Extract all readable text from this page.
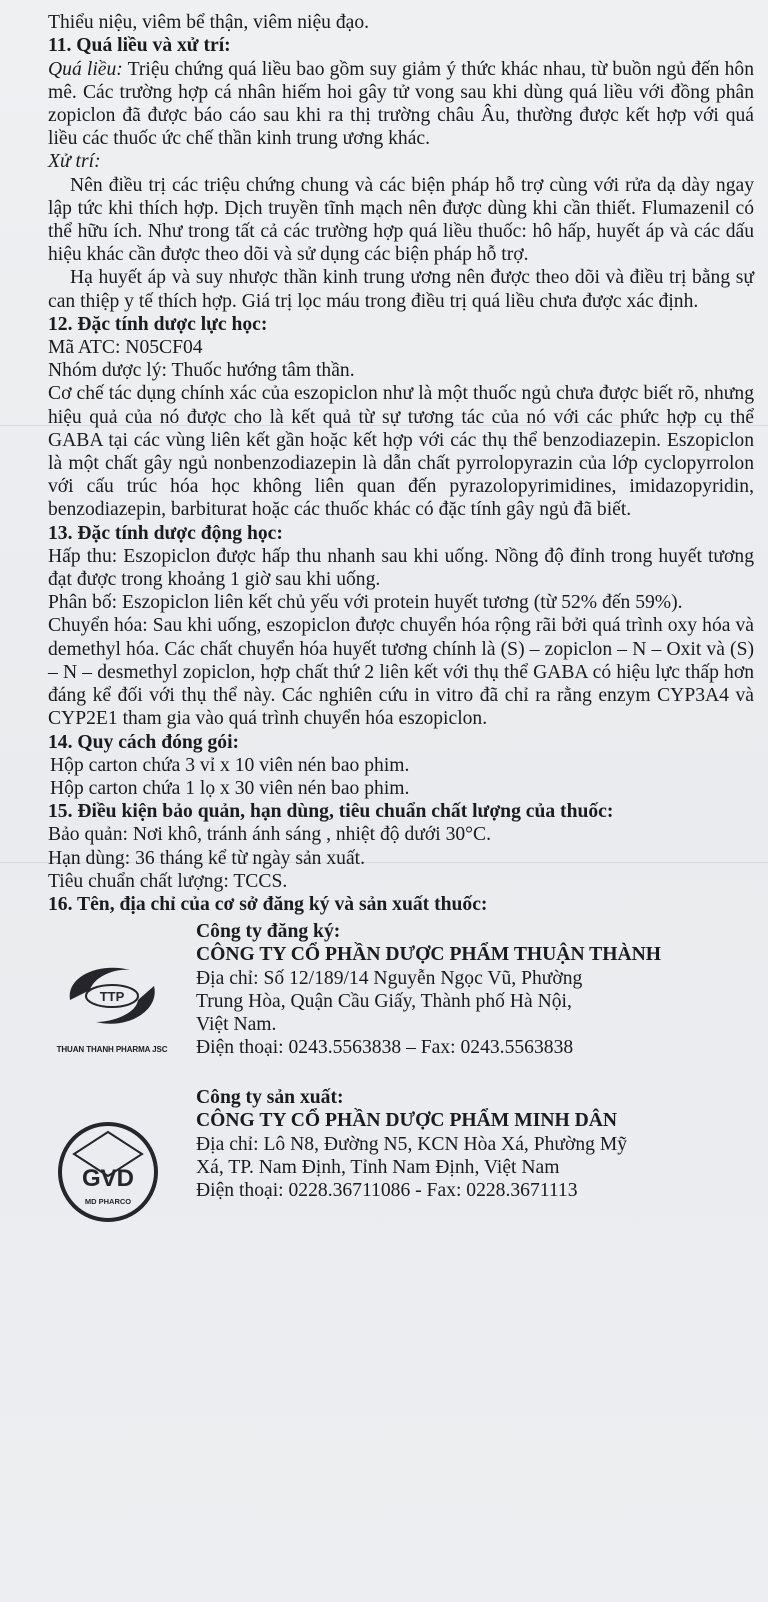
Thiểu niệu, viêm bể thận, viêm niệu đạo.

11. Quá liều và xử trí:

Quá liều: Triệu chứng quá liều bao gồm suy giảm ý thức khác nhau, từ buồn ngủ đến hôn mê. Các trường hợp cá nhân hiếm hoi gây tử vong sau khi dùng quá liều với đồng phân zopiclon đã được báo cáo sau khi ra thị trường châu Âu, thường được kết hợp với quá liều các thuốc ức chế thần kinh trung ương khác.

Xử trí:

Nên điều trị các triệu chứng chung và các biện pháp hỗ trợ cùng với rửa dạ dày ngay lập tức khi thích hợp. Dịch truyền tĩnh mạch nên được dùng khi cần thiết. Flumazenil có thể hữu ích. Như trong tất cả các trường hợp quá liều thuốc: hô hấp, huyết áp và các dấu hiệu khác cần được theo dõi và sử dụng các biện pháp hỗ trợ.

Hạ huyết áp và suy nhược thần kinh trung ương nên được theo dõi và điều trị bằng sự can thiệp y tế thích hợp. Giá trị lọc máu trong điều trị quá liều chưa được xác định.

12. Đặc tính dược lực học:

Mã ATC: N05CF04

Nhóm dược lý: Thuốc hướng tâm thần.

Cơ chế tác dụng chính xác của eszopiclon như là một thuốc ngủ chưa được biết rõ, nhưng hiệu quả của nó được cho là kết quả từ sự tương tác của nó với các phức hợp cụ thể GABA tại các vùng liên kết gần hoặc kết hợp với các thụ thể benzodiazepin. Eszopiclon là một chất gây ngủ nonbenzodiazepin là dẫn chất pyrrolopyrazin của lớp cyclopyrrolon với cấu trúc hóa học không liên quan đến pyrazolopyrimidines, imidazopyridin, benzodiazepin, barbiturat hoặc các thuốc khác có đặc tính gây ngủ đã biết.

13. Đặc tính dược động học:

Hấp thu: Eszopiclon được hấp thu nhanh sau khi uống. Nồng độ đỉnh trong huyết tương đạt được trong khoảng 1 giờ sau khi uống.

Phân bố: Eszopiclon liên kết chủ yếu với protein huyết tương (từ 52% đến 59%).

Chuyển hóa: Sau khi uống, eszopiclon được chuyển hóa rộng rãi bởi quá trình oxy hóa và demethyl hóa. Các chất chuyển hóa huyết tương chính là (S) – zopiclon – N – Oxit và (S) – N – desmethyl zopiclon, hợp chất thứ 2 liên kết với thụ thể GABA có hiệu lực thấp hơn đáng kể đối với thụ thể này. Các nghiên cứu in vitro đã chỉ ra rằng enzym CYP3A4 và CYP2E1 tham gia vào quá trình chuyển hóa eszopiclon.

14. Quy cách đóng gói:

Hộp carton chứa 3 vỉ x 10 viên nén bao phim.

Hộp carton chứa 1 lọ x 30 viên nén bao phim.

15. Điều kiện bảo quản, hạn dùng, tiêu chuẩn chất lượng của thuốc:

Bảo quản: Nơi khô, tránh ánh sáng , nhiệt độ dưới 30°C.

Hạn dùng: 36 tháng kể từ ngày sản xuất.

Tiêu chuẩn chất lượng: TCCS.

16. Tên, địa chỉ của cơ sở đăng ký và sản xuất thuốc:

TTP
THUAN THANH PHARMA JSC
GVD
MD PHARCO

Công ty đăng ký:

CÔNG TY CỔ PHẦN DƯỢC PHẨM THUẬN THÀNH

Địa chỉ: Số 12/189/14 Nguyễn Ngọc Vũ, Phường

Trung Hòa, Quận Cầu Giấy, Thành phố Hà Nội,

Việt Nam.

Điện thoại: 0243.5563838 – Fax: 0243.5563838

Công ty sản xuất:

CÔNG TY CỔ PHẦN DƯỢC PHẨM MINH DÂN

Địa chỉ: Lô N8, Đường N5, KCN Hòa Xá, Phường Mỹ

Xá, TP. Nam Định, Tỉnh Nam Định, Việt Nam

Điện thoại: 0228.36711086 - Fax: 0228.3671113
